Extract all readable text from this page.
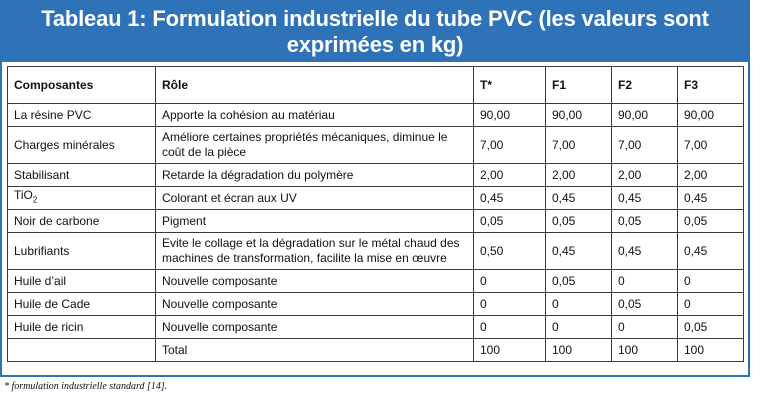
Tableau 1: Formulation industrielle du tube PVC (les valeurs sont
exprimées en kg)
Composantes	Rôle	T*	F1	F2	F3
La résine PVC	Apporte la cohésion au matériau	90,00	90,00	90,00	90,00
Charges minérales	Améliore certaines propriétés mécaniques, diminue le coût de la pièce	7,00	7,00	7,00	7,00
Stabilisant	Retarde la dégradation du polymère	2,00	2,00	2,00	2,00
TiO$_2$	Colorant et écran aux UV	0,45	0,45	0,45	0,45
Noir de carbone	Pigment	0,05	0,05	0,05	0,05
Lubrifiants	Evite le collage et la dégradation sur le métal chaud des machines de transformation, facilite la mise en œuvre	0,50	0,45	0,45	0,45
Huile d’ail	Nouvelle composante	0	0,05	0	0
Huile de Cade	Nouvelle composante	0	0	0,05	0
Huile de ricin	Nouvelle composante	0	0	0	0,05
	Total	100	100	100	100
* formulation industrielle standard [14].
